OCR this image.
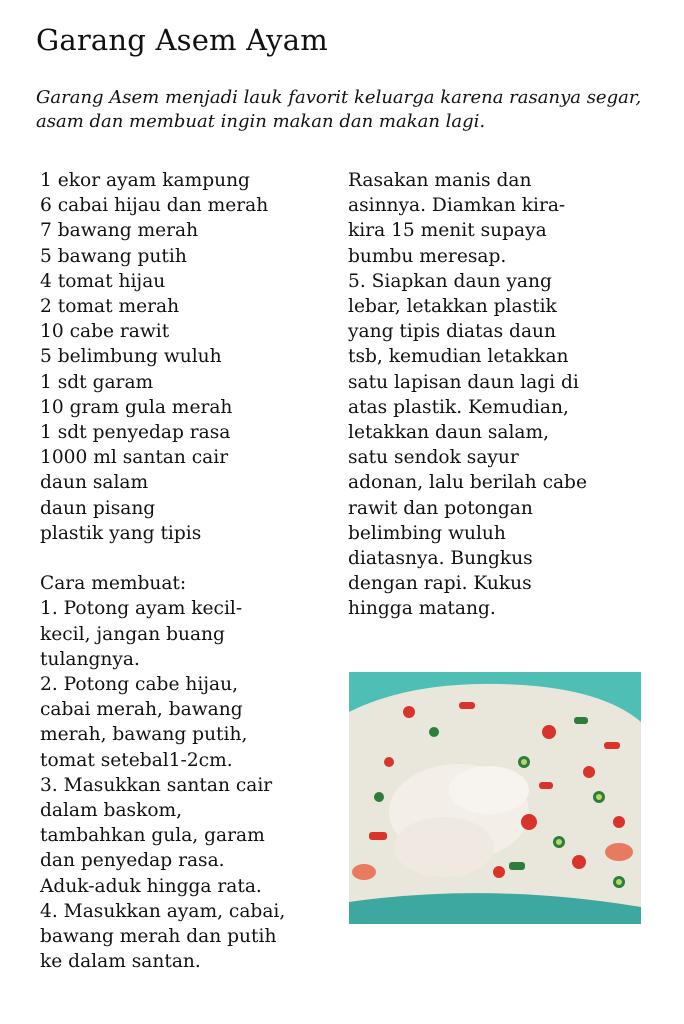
Garang Asem Ayam

Garang Asem menjadi lauk favorit keluarga karena rasanya segar,
asam dan membuat ingin makan dan makan lagi.

1 ekor ayam kampung
6 cabai hijau dan merah
7 bawang merah
5 bawang putih
4 tomat hijau
2 tomat merah
10 cabe rawit
5 belimbung wuluh
1 sdt garam
10 gram gula merah
1 sdt penyedap rasa
1000 ml santan cair
daun salam
daun pisang
plastik yang tipis
Cara membuat:
1. Potong ayam kecil-
kecil, jangan buang
tulangnya.
2. Potong cabe hijau,
cabai merah, bawang
merah, bawang putih,
tomat setebal1-2cm.
3. Masukkan santan cair
dalam baskom,
tambahkan gula, garam
dan penyedap rasa.
Aduk-aduk hingga rata.
4. Masukkan ayam, cabai,
bawang merah dan putih
ke dalam santan.
Rasakan manis dan
asinnya. Diamkan kira-
kira 15 menit supaya
bumbu meresap.
5. Siapkan daun yang
lebar, letakkan plastik
yang tipis diatas daun
tsb, kemudian letakkan
satu lapisan daun lagi di
atas plastik. Kemudian,
letakkan daun salam,
satu sendok sayur
adonan, lalu berilah cabe
rawit dan potongan
belimbing wuluh
diatasnya. Bungkus
dengan rapi. Kukus
hingga matang.
